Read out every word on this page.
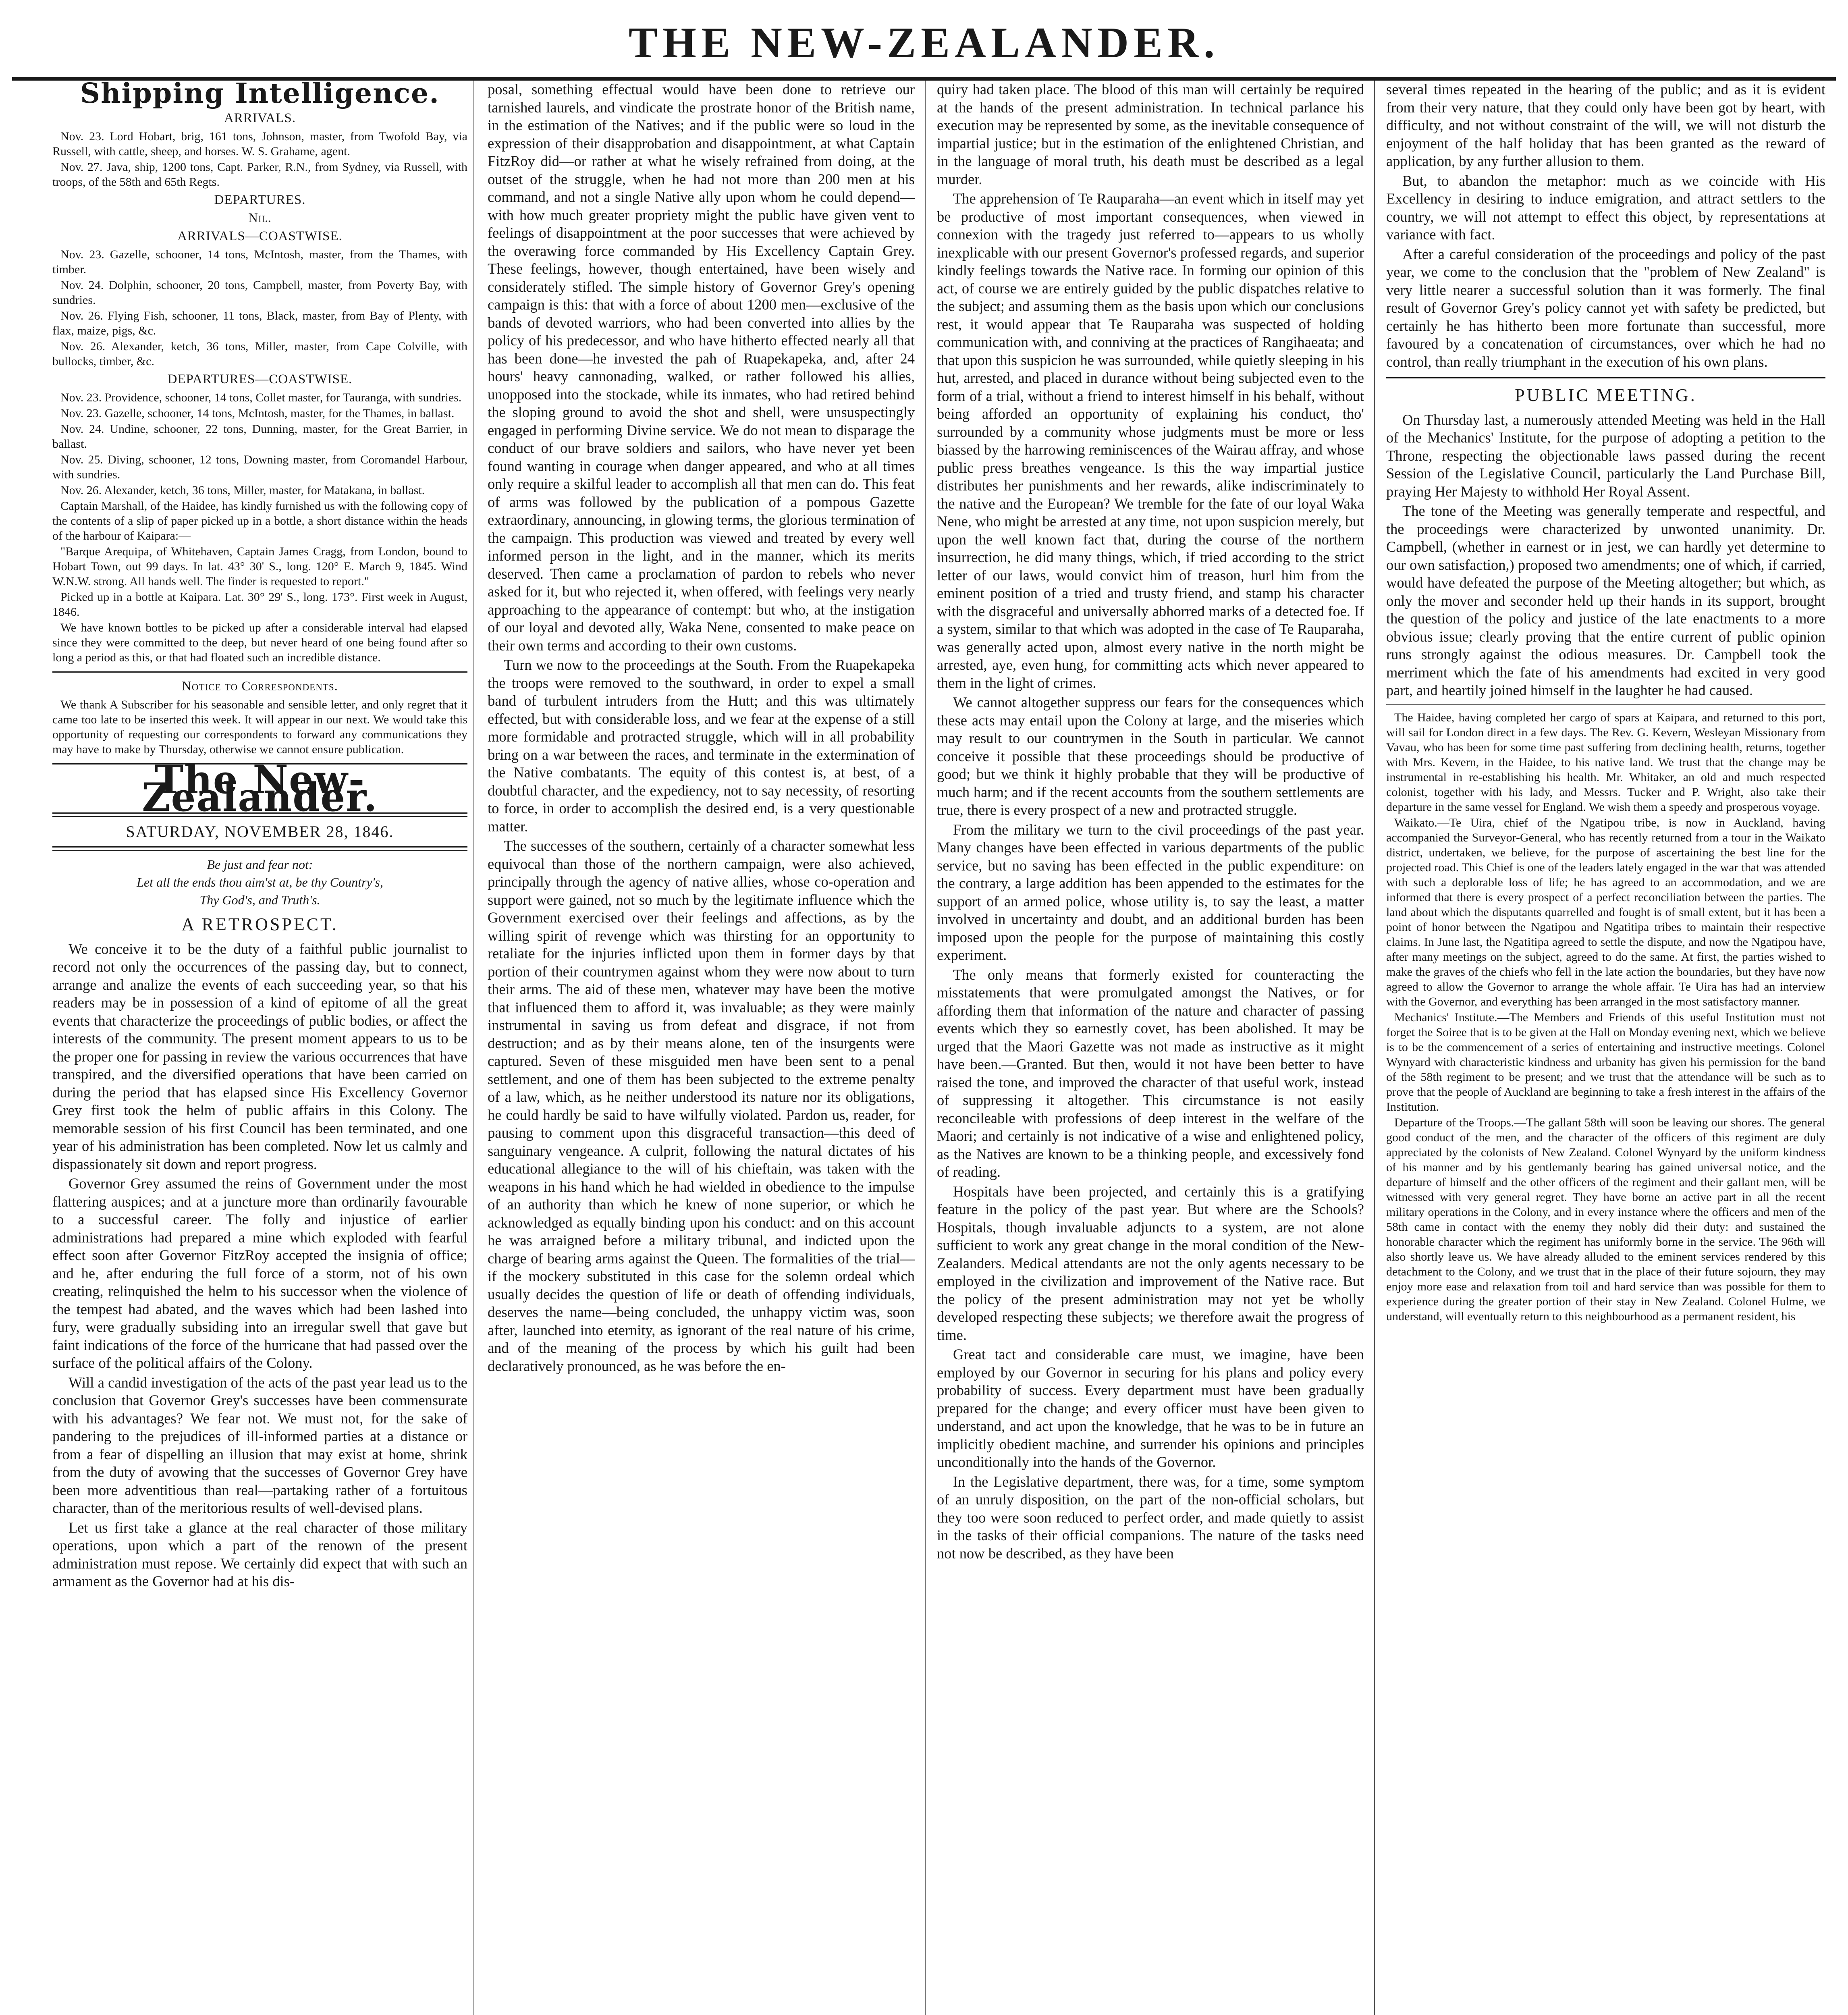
THE NEW-ZEALANDER.
Shipping Intelligence.
ARRIVALS.

Nov. 23. Lord Hobart, brig, 161 tons, Johnson, master, from Twofold Bay, via Russell, with cattle, sheep, and horses. W. S. Grahame, agent.

Nov. 27. Java, ship, 1200 tons, Capt. Parker, R.N., from Sydney, via Russell, with troops, of the 58th and 65th Regts.

DEPARTURES.
Nil.
ARRIVALS—COASTWISE.

Nov. 23. Gazelle, schooner, 14 tons, McIntosh, master, from the Thames, with timber.

Nov. 24. Dolphin, schooner, 20 tons, Campbell, master, from Poverty Bay, with sundries.

Nov. 26. Flying Fish, schooner, 11 tons, Black, master, from Bay of Plenty, with flax, maize, pigs, &c.

Nov. 26. Alexander, ketch, 36 tons, Miller, master, from Cape Colville, with bullocks, timber, &c.

DEPARTURES—COASTWISE.

Nov. 23. Providence, schooner, 14 tons, Collet master, for Tauranga, with sundries.

Nov. 23. Gazelle, schooner, 14 tons, McIntosh, master, for the Thames, in ballast.

Nov. 24. Undine, schooner, 22 tons, Dunning, master, for the Great Barrier, in ballast.

Nov. 25. Diving, schooner, 12 tons, Downing master, from Coromandel Harbour, with sundries.

Nov. 26. Alexander, ketch, 36 tons, Miller, master, for Matakana, in ballast.

Captain Marshall, of the Haidee, has kindly furnished us with the following copy of the contents of a slip of paper picked up in a bottle, a short distance within the heads of the harbour of Kaipara:—

"Barque Arequipa, of Whitehaven, Captain James Cragg, from London, bound to Hobart Town, out 99 days. In lat. 43° 30' S., long. 120° E. March 9, 1845. Wind W.N.W. strong. All hands well. The finder is requested to report."

Picked up in a bottle at Kaipara. Lat. 30° 29' S., long. 173°. First week in August, 1846.

We have known bottles to be picked up after a considerable interval had elapsed since they were committed to the deep, but never heard of one being found after so long a period as this, or that had floated such an incredible distance.

Notice to Correspondents.

We thank A Subscriber for his seasonable and sensible letter, and only regret that it came too late to be inserted this week. It will appear in our next. We would take this opportunity of requesting our correspondents to forward any communications they may have to make by Thursday, otherwise we cannot ensure publication.

The New-Zealander.
SATURDAY, NOVEMBER 28, 1846.
Be just and fear not:
Let all the ends thou aim'st at, be thy Country's,
Thy God's, and Truth's.
A RETROSPECT.

We conceive it to be the duty of a faithful public journalist to record not only the occurrences of the passing day, but to connect, arrange and analize the events of each succeeding year, so that his readers may be in possession of a kind of epitome of all the great events that characterize the proceedings of public bodies, or affect the interests of the community. The present moment appears to us to be the proper one for passing in review the various occurrences that have transpired, and the diversified operations that have been carried on during the period that has elapsed since His Excellency Governor Grey first took the helm of public affairs in this Colony. The memorable session of his first Council has been terminated, and one year of his administration has been completed. Now let us calmly and dispassionately sit down and report progress.

Governor Grey assumed the reins of Government under the most flattering auspices; and at a juncture more than ordinarily favourable to a successful career. The folly and injustice of earlier administrations had prepared a mine which exploded with fearful effect soon after Governor FitzRoy accepted the insignia of office; and he, after enduring the full force of a storm, not of his own creating, relinquished the helm to his successor when the violence of the tempest had abated, and the waves which had been lashed into fury, were gradually subsiding into an irregular swell that gave but faint indications of the force of the hurricane that had passed over the surface of the political affairs of the Colony.

Will a candid investigation of the acts of the past year lead us to the conclusion that Governor Grey's successes have been commensurate with his advantages? We fear not. We must not, for the sake of pandering to the prejudices of ill-informed parties at a distance or from a fear of dispelling an illusion that may exist at home, shrink from the duty of avowing that the successes of Governor Grey have been more adventitious than real—partaking rather of a fortuitous character, than of the meritorious results of well-devised plans.

Let us first take a glance at the real character of those military operations, upon which a part of the renown of the present administration must repose. We certainly did expect that with such an armament as the Governor had at his dis-

posal, something effectual would have been done to retrieve our tarnished laurels, and vindicate the prostrate honor of the British name, in the estimation of the Natives; and if the public were so loud in the expression of their disapprobation and disappointment, at what Captain FitzRoy did—or rather at what he wisely refrained from doing, at the outset of the struggle, when he had not more than 200 men at his command, and not a single Native ally upon whom he could depend—with how much greater propriety might the public have given vent to feelings of disappointment at the poor successes that were achieved by the overawing force commanded by His Excellency Captain Grey. These feelings, however, though entertained, have been wisely and considerately stifled. The simple history of Governor Grey's opening campaign is this: that with a force of about 1200 men—exclusive of the bands of devoted warriors, who had been converted into allies by the policy of his predecessor, and who have hitherto effected nearly all that has been done—he invested the pah of Ruapekapeka, and, after 24 hours' heavy cannonading, walked, or rather followed his allies, unopposed into the stockade, while its inmates, who had retired behind the sloping ground to avoid the shot and shell, were unsuspectingly engaged in performing Divine service. We do not mean to disparage the conduct of our brave soldiers and sailors, who have never yet been found wanting in courage when danger appeared, and who at all times only require a skilful leader to accomplish all that men can do. This feat of arms was followed by the publication of a pompous Gazette extraordinary, announcing, in glowing terms, the glorious termination of the campaign. This production was viewed and treated by every well informed person in the light, and in the manner, which its merits deserved. Then came a proclamation of pardon to rebels who never asked for it, but who rejected it, when offered, with feelings very nearly approaching to the appearance of contempt: but who, at the instigation of our loyal and devoted ally, Waka Nene, consented to make peace on their own terms and according to their own customs.

Turn we now to the proceedings at the South. From the Ruapekapeka the troops were removed to the southward, in order to expel a small band of turbulent intruders from the Hutt; and this was ultimately effected, but with considerable loss, and we fear at the expense of a still more formidable and protracted struggle, which will in all probability bring on a war between the races, and terminate in the extermination of the Native combatants. The equity of this contest is, at best, of a doubtful character, and the expediency, not to say necessity, of resorting to force, in order to accomplish the desired end, is a very questionable matter.

The successes of the southern, certainly of a character somewhat less equivocal than those of the northern campaign, were also achieved, principally through the agency of native allies, whose co-operation and support were gained, not so much by the legitimate influence which the Government exercised over their feelings and affections, as by the willing spirit of revenge which was thirsting for an opportunity to retaliate for the injuries inflicted upon them in former days by that portion of their countrymen against whom they were now about to turn their arms. The aid of these men, whatever may have been the motive that influenced them to afford it, was invaluable; as they were mainly instrumental in saving us from defeat and disgrace, if not from destruction; and as by their means alone, ten of the insurgents were captured. Seven of these misguided men have been sent to a penal settlement, and one of them has been subjected to the extreme penalty of a law, which, as he neither understood its nature nor its obligations, he could hardly be said to have wilfully violated. Pardon us, reader, for pausing to comment upon this disgraceful transaction—this deed of sanguinary vengeance. A culprit, following the natural dictates of his educational allegiance to the will of his chieftain, was taken with the weapons in his hand which he had wielded in obedience to the impulse of an authority than which he knew of none superior, or which he acknowledged as equally binding upon his conduct: and on this account he was arraigned before a military tribunal, and indicted upon the charge of bearing arms against the Queen. The formalities of the trial—if the mockery substituted in this case for the solemn ordeal which usually decides the question of life or death of offending individuals, deserves the name—being concluded, the unhappy victim was, soon after, launched into eternity, as ignorant of the real nature of his crime, and of the meaning of the process by which his guilt had been declaratively pronounced, as he was before the en-

quiry had taken place. The blood of this man will certainly be required at the hands of the present administration. In technical parlance his execution may be represented by some, as the inevitable consequence of impartial justice; but in the estimation of the enlightened Christian, and in the language of moral truth, his death must be described as a legal murder.

The apprehension of Te Rauparaha—an event which in itself may yet be productive of most important consequences, when viewed in connexion with the tragedy just referred to—appears to us wholly inexplicable with our present Governor's professed regards, and superior kindly feelings towards the Native race. In forming our opinion of this act, of course we are entirely guided by the public dispatches relative to the subject; and assuming them as the basis upon which our conclusions rest, it would appear that Te Rauparaha was suspected of holding communication with, and conniving at the practices of Rangihaeata; and that upon this suspicion he was surrounded, while quietly sleeping in his hut, arrested, and placed in durance without being subjected even to the form of a trial, without a friend to interest himself in his behalf, without being afforded an opportunity of explaining his conduct, tho' surrounded by a community whose judgments must be more or less biassed by the harrowing reminiscences of the Wairau affray, and whose public press breathes vengeance. Is this the way impartial justice distributes her punishments and her rewards, alike indiscriminately to the native and the European? We tremble for the fate of our loyal Waka Nene, who might be arrested at any time, not upon suspicion merely, but upon the well known fact that, during the course of the northern insurrection, he did many things, which, if tried according to the strict letter of our laws, would convict him of treason, hurl him from the eminent position of a tried and trusty friend, and stamp his character with the disgraceful and universally abhorred marks of a detected foe. If a system, similar to that which was adopted in the case of Te Rauparaha, was generally acted upon, almost every native in the north might be arrested, aye, even hung, for committing acts which never appeared to them in the light of crimes.

We cannot altogether suppress our fears for the consequences which these acts may entail upon the Colony at large, and the miseries which may result to our countrymen in the South in particular. We cannot conceive it possible that these proceedings should be productive of good; but we think it highly probable that they will be productive of much harm; and if the recent accounts from the southern settlements are true, there is every prospect of a new and protracted struggle.

From the military we turn to the civil proceedings of the past year. Many changes have been effected in various departments of the public service, but no saving has been effected in the public expenditure: on the contrary, a large addition has been appended to the estimates for the support of an armed police, whose utility is, to say the least, a matter involved in uncertainty and doubt, and an additional burden has been imposed upon the people for the purpose of maintaining this costly experiment.

The only means that formerly existed for counteracting the misstatements that were promulgated amongst the Natives, or for affording them that information of the nature and character of passing events which they so earnestly covet, has been abolished. It may be urged that the Maori Gazette was not made as instructive as it might have been.—Granted. But then, would it not have been better to have raised the tone, and improved the character of that useful work, instead of suppressing it altogether. This circumstance is not easily reconcileable with professions of deep interest in the welfare of the Maori; and certainly is not indicative of a wise and enlightened policy, as the Natives are known to be a thinking people, and excessively fond of reading.

Hospitals have been projected, and certainly this is a gratifying feature in the policy of the past year. But where are the Schools? Hospitals, though invaluable adjuncts to a system, are not alone sufficient to work any great change in the moral condition of the New-Zealanders. Medical attendants are not the only agents necessary to be employed in the civilization and improvement of the Native race. But the policy of the present administration may not yet be wholly developed respecting these subjects; we therefore await the progress of time.

Great tact and considerable care must, we imagine, have been employed by our Governor in securing for his plans and policy every probability of success. Every department must have been gradually prepared for the change; and every officer must have been given to understand, and act upon the knowledge, that he was to be in future an implicitly obedient machine, and surrender his opinions and principles unconditionally into the hands of the Governor.

In the Legislative department, there was, for a time, some symptom of an unruly disposition, on the part of the non-official scholars, but they too were soon reduced to perfect order, and made quietly to assist in the tasks of their official companions. The nature of the tasks need not now be described, as they have been

several times repeated in the hearing of the public; and as it is evident from their very nature, that they could only have been got by heart, with difficulty, and not without constraint of the will, we will not disturb the enjoyment of the half holiday that has been granted as the reward of application, by any further allusion to them.

But, to abandon the metaphor: much as we coincide with His Excellency in desiring to induce emigration, and attract settlers to the country, we will not attempt to effect this object, by representations at variance with fact.

After a careful consideration of the proceedings and policy of the past year, we come to the conclusion that the "problem of New Zealand" is very little nearer a successful solution than it was formerly. The final result of Governor Grey's policy cannot yet with safety be predicted, but certainly he has hitherto been more fortunate than successful, more favoured by a concatenation of circumstances, over which he had no control, than really triumphant in the execution of his own plans.

PUBLIC MEETING.

On Thursday last, a numerously attended Meeting was held in the Hall of the Mechanics' Institute, for the purpose of adopting a petition to the Throne, respecting the objectionable laws passed during the recent Session of the Legislative Council, particularly the Land Purchase Bill, praying Her Majesty to withhold Her Royal Assent.

The tone of the Meeting was generally temperate and respectful, and the proceedings were characterized by unwonted unanimity. Dr. Campbell, (whether in earnest or in jest, we can hardly yet determine to our own satisfaction,) proposed two amendments; one of which, if carried, would have defeated the purpose of the Meeting altogether; but which, as only the mover and seconder held up their hands in its support, brought the question of the policy and justice of the late enactments to a more obvious issue; clearly proving that the entire current of public opinion runs strongly against the odious measures. Dr. Campbell took the merriment which the fate of his amendments had excited in very good part, and heartily joined himself in the laughter he had caused.

The Haidee, having completed her cargo of spars at Kaipara, and returned to this port, will sail for London direct in a few days. The Rev. G. Kevern, Wesleyan Missionary from Vavau, who has been for some time past suffering from declining health, returns, together with Mrs. Kevern, in the Haidee, to his native land. We trust that the change may be instrumental in re-establishing his health. Mr. Whitaker, an old and much respected colonist, together with his lady, and Messrs. Tucker and P. Wright, also take their departure in the same vessel for England. We wish them a speedy and prosperous voyage.

Waikato.—Te Uira, chief of the Ngatipou tribe, is now in Auckland, having accompanied the Surveyor-General, who has recently returned from a tour in the Waikato district, undertaken, we believe, for the purpose of ascertaining the best line for the projected road. This Chief is one of the leaders lately engaged in the war that was attended with such a deplorable loss of life; he has agreed to an accommodation, and we are informed that there is every prospect of a perfect reconciliation between the parties. The land about which the disputants quarrelled and fought is of small extent, but it has been a point of honor between the Ngatipou and Ngatitipa tribes to maintain their respective claims. In June last, the Ngatitipa agreed to settle the dispute, and now the Ngatipou have, after many meetings on the subject, agreed to do the same. At first, the parties wished to make the graves of the chiefs who fell in the late action the boundaries, but they have now agreed to allow the Governor to arrange the whole affair. Te Uira has had an interview with the Governor, and everything has been arranged in the most satisfactory manner.

Mechanics' Institute.—The Members and Friends of this useful Institution must not forget the Soiree that is to be given at the Hall on Monday evening next, which we believe is to be the commencement of a series of entertaining and instructive meetings. Colonel Wynyard with characteristic kindness and urbanity has given his permission for the band of the 58th regiment to be present; and we trust that the attendance will be such as to prove that the people of Auckland are beginning to take a fresh interest in the affairs of the Institution.

Departure of the Troops.—The gallant 58th will soon be leaving our shores. The general good conduct of the men, and the character of the officers of this regiment are duly appreciated by the colonists of New Zealand. Colonel Wynyard by the uniform kindness of his manner and by his gentlemanly bearing has gained universal notice, and the departure of himself and the other officers of the regiment and their gallant men, will be witnessed with very general regret. They have borne an active part in all the recent military operations in the Colony, and in every instance where the officers and men of the 58th came in contact with the enemy they nobly did their duty: and sustained the honorable character which the regiment has uniformly borne in the service. The 96th will also shortly leave us. We have already alluded to the eminent services rendered by this detachment to the Colony, and we trust that in the place of their future sojourn, they may enjoy more ease and relaxation from toil and hard service than was possible for them to experience during the greater portion of their stay in New Zealand. Colonel Hulme, we understand, will eventually return to this neighbourhood as a permanent resident, his
